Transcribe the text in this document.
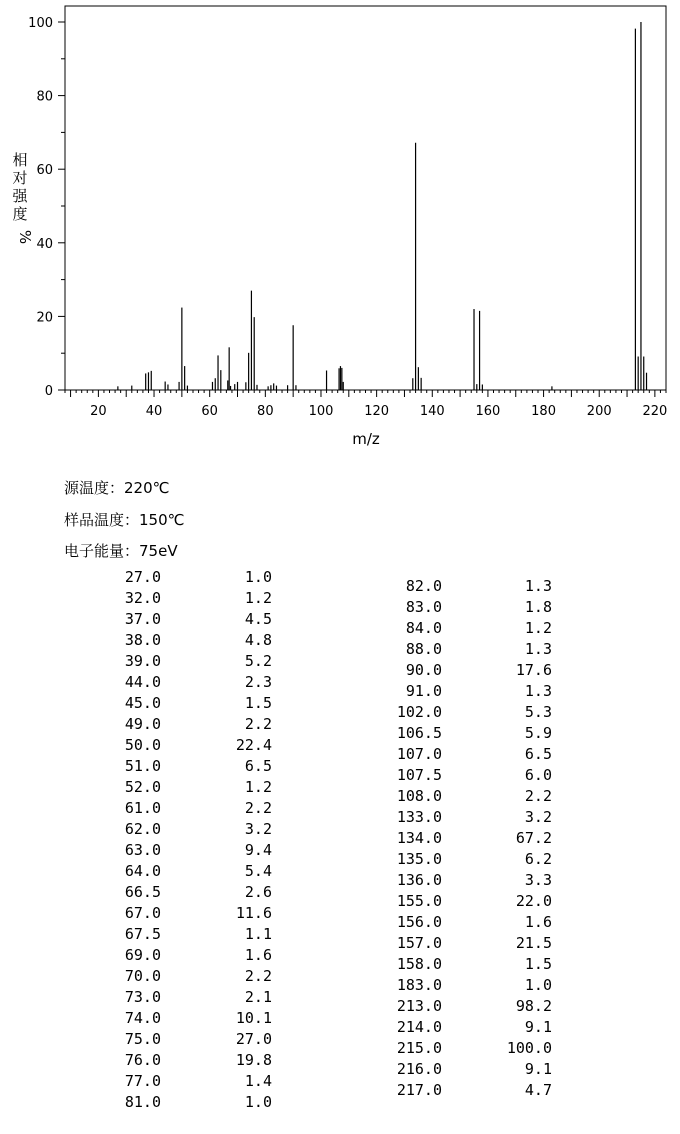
20	40	60	80	100 120 140 160 180 200 220
0
20
40
60
80
100
m/z
相
对
强
度
%
源温度：220℃
样品温度：150℃
电子能量：75eV
27.0	1.0
32.0	1.2
37.0	4.5
38.0	4.8
39.0	5.2
44.0	2.3
45.0	1.5
49.0	2.2
50.0	22.4
51.0	6.5
52.0	1.2
61.0	2.2
62.0	3.2
63.0	9.4
64.0	5.4
66.5	2.6
67.0	11.6
67.5	1.1
69.0	1.6
70.0	2.2
73.0	2.1
74.0	10.1
75.0	27.0
76.0	19.8
77.0	1.4
81.0	1.0
82.0	1.3
83.0	1.8
84.0	1.2
88.0	1.3
90.0	17.6
91.0	1.3
102.0	5.3
106.5	5.9
107.0	6.5
107.5	6.0
108.0	2.2
133.0	3.2
134.0	67.2
135.0	6.2
136.0	3.3
155.0	22.0
156.0	1.6
157.0	21.5
158.0	1.5
183.0	1.0
213.0	98.2
214.0	9.1
215.0	100.0
216.0	9.1
217.0	4.7
